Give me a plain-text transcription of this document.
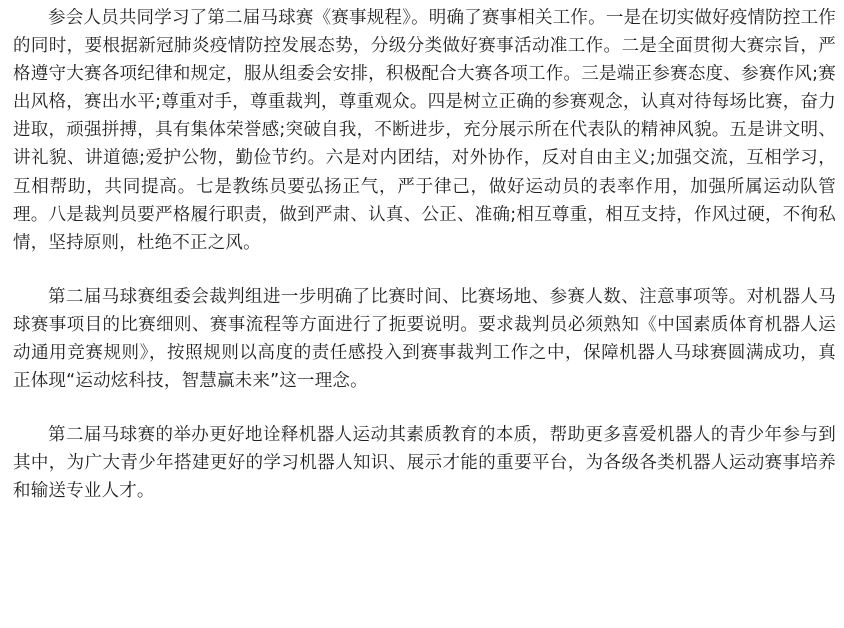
参会人员共同学习了第二届马球赛《赛事规程》。明确了赛事相关工作。一是在切实做好疫情防控工作的同时，要根据新冠肺炎疫情防控发展态势，分级分类做好赛事活动准工作。二是全面贯彻大赛宗旨，严格遵守大赛各项纪律和规定，服从组委会安排，积极配合大赛各项工作。三是端正参赛态度、参赛作风;赛出风格，赛出水平;尊重对手，尊重裁判，尊重观众。四是树立正确的参赛观念，认真对待每场比赛，奋力进取，顽强拼搏，具有集体荣誉感;突破自我，不断进步，充分展示所在代表队的精神风貌。五是讲文明、讲礼貌、讲道德;爱护公物，勤俭节约。六是对内团结，对外协作，反对自由主义;加强交流，互相学习，互相帮助，共同提高。七是教练员要弘扬正气，严于律己，做好运动员的表率作用，加强所属运动队管理。八是裁判员要严格履行职责，做到严肃、认真、公正、准确;相互尊重，相互支持，作风过硬，不徇私情，坚持原则，杜绝不正之风。

第二届马球赛组委会裁判组进一步明确了比赛时间、比赛场地、参赛人数、注意事项等。对机器人马球赛事项目的比赛细则、赛事流程等方面进行了扼要说明。要求裁判员必须熟知《中国素质体育机器人运动通用竞赛规则》，按照规则以高度的责任感投入到赛事裁判工作之中，保障机器人马球赛圆满成功，真正体现“运动炫科技，智慧赢未来”这一理念。

第二届马球赛的举办更好地诠释机器人运动其素质教育的本质，帮助更多喜爱机器人的青少年参与到其中，为广大青少年搭建更好的学习机器人知识、展示才能的重要平台，为各级各类机器人运动赛事培养和输送专业人才。
